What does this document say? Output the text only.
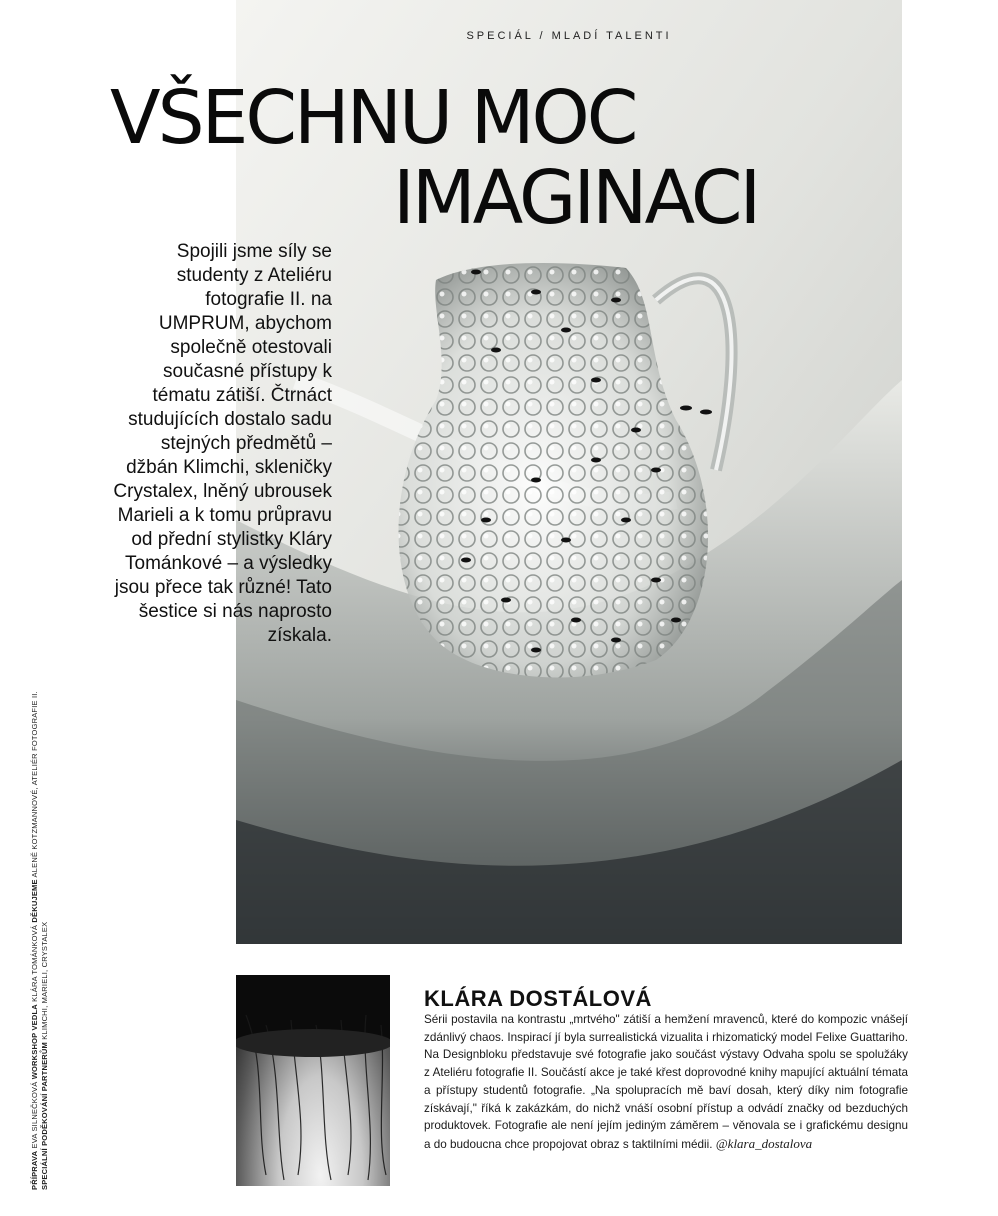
SPECIÁL / MLADÍ TALENTI
VŠECHNU MOC
IMAGINACI

Spojili jsme síly se studenty z Ateliéru fotografie II. na UMPRUM, abychom společně otestovali současné přístupy k tématu zátiší. Čtrnáct studujících dostalo sadu stejných předmětů – džbán Klimchi, skleničky Crystalex, lněný ubrousek Marieli a k tomu průpravu od přední stylistky Kláry Tománkové – a výsledky jsou přece tak různé! Tato šestice si nás naprosto získala.

PŘÍPRAVA EVA SILNEČKOVÁ WORKSHOP VEDLA KLÁRA TOMÁNKOVÁ DĚKUJEME ALENĚ KOTZMANNOVÉ, ATELIÉR FOTOGRAFIE II.
SPECIÁLNÍ PODĚKOVÁNÍ PARTNERŮM KLIMCHI, MARIELI, CRYSTALEX	KLÁRA DOSTÁLOVÁ

Sérii postavila na kontrastu „mrtvého" zátiší a hemžení mravenců, které do kompozic vnášejí zdánlivý chaos. Inspirací jí byla surrealistická vizualita i rhizomatický model Felixe Guattariho. Na Designbloku představuje své fotografie jako součást výstavy Odvaha spolu se spolužáky z Ateliéru fotografie II. Součástí akce je také křest doprovodné knihy mapující aktuální témata a přístupy studentů fotografie. „Na spolupracích mě baví dosah, který díky nim fotografie získávají," říká k zakázkám, do nichž vnáší osobní přístup a odvádí značky od bezduchých produktovek. Fotografie ale není jejím jediným záměrem – věnovala se i grafickému designu a do budoucna chce propojovat obraz s taktilními médii. @klara_dostalova
